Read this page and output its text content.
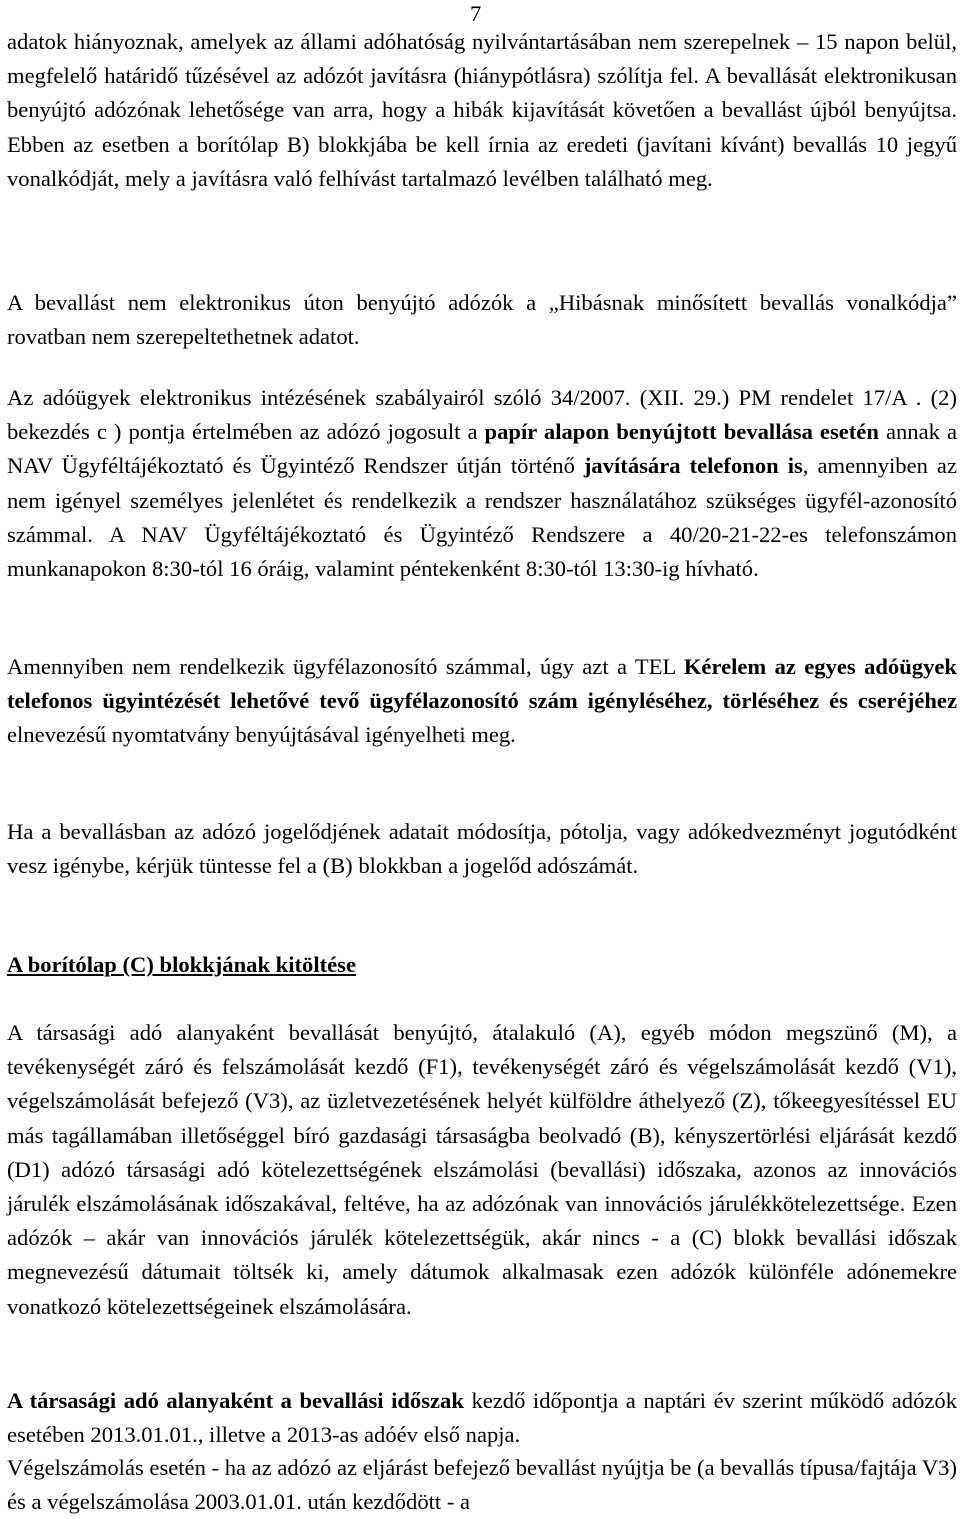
7

adatok hiányoznak, amelyek az állami adóhatóság nyilvántartásában nem szerepelnek – 15 napon belül, megfelelő határidő tűzésével az adózót javításra (hiánypótlásra) szólítja fel. A bevallását elektronikusan benyújtó adózónak lehetősége van arra, hogy a hibák kijavítását követően a bevallást újból benyújtsa. Ebben az esetben a borítólap B) blokkjába be kell írnia az eredeti (javítani kívánt) bevallás 10 jegyű vonalkódját, mely a javításra való felhívást tartalmazó levélben található meg.

A bevallást nem elektronikus úton benyújtó adózók a „Hibásnak minősített bevallás vonalkódja” rovatban nem szerepeltethetnek adatot.

Az adóügyek elektronikus intézésének szabályairól szóló 34/2007. (XII. 29.) PM rendelet 17/A . (2) bekezdés c ) pontja értelmében az adózó jogosult a papír alapon benyújtott bevallása esetén annak a NAV Ügyféltájékoztató és Ügyintéző Rendszer útján történő javítására telefonon is, amennyiben az nem igényel személyes jelenlétet és rendelkezik a rendszer használatához szükséges ügyfél-azonosító számmal. A NAV Ügyféltájékoztató és Ügyintéző Rendszere a 40/20-21-22-es telefonszámon munkanapokon 8:30-tól 16 óráig, valamint péntekenként 8:30-tól 13:30-ig hívható.

Amennyiben nem rendelkezik ügyfélazonosító számmal, úgy azt a TEL Kérelem az egyes adóügyek telefonos ügyintézését lehetővé tevő ügyfélazonosító szám igényléséhez, törléséhez és cseréjéhez elnevezésű nyomtatvány benyújtásával igényelheti meg.

Ha a bevallásban az adózó jogelődjének adatait módosítja, pótolja, vagy adókedvezményt jogutódként vesz igénybe, kérjük tüntesse fel a (B) blokkban a jogelőd adószámát.

A borítólap (C) blokkjának kitöltése

A társasági adó alanyaként bevallását benyújtó, átalakuló (A), egyéb módon megszünő (M), a tevékenységét záró és felszámolását kezdő (F1), tevékenységét záró és végelszámolását kezdő (V1), végelszámolását befejező (V3), az üzletvezetésének helyét külföldre áthelyező (Z), tőkeegyesítéssel EU más tagállamában illetőséggel bíró gazdasági társaságba beolvadó (B), kényszertörlési eljárását kezdő (D1) adózó társasági adó kötelezettségének elszámolási (bevallási) időszaka, azonos az innovációs járulék elszámolásának időszakával, feltéve, ha az adózónak van innovációs járulékkötelezettsége. Ezen adózók – akár van innovációs járulék kötelezettségük, akár nincs - a (C) blokk bevallási időszak megnevezésű dátumait töltsék ki, amely dátumok alkalmasak ezen adózók különféle adónemekre vonatkozó kötelezettségeinek elszámolására.

A társasági adó alanyaként a bevallási időszak kezdő időpontja a naptári év szerint működő adózók esetében 2013.01.01., illetve a 2013-as adóév első napja.

Végelszámolás esetén - ha az adózó az eljárást befejező bevallást nyújtja be (a bevallás típusa/fajtája V3) és a végelszámolása 2003.01.01. után kezdődött - a
